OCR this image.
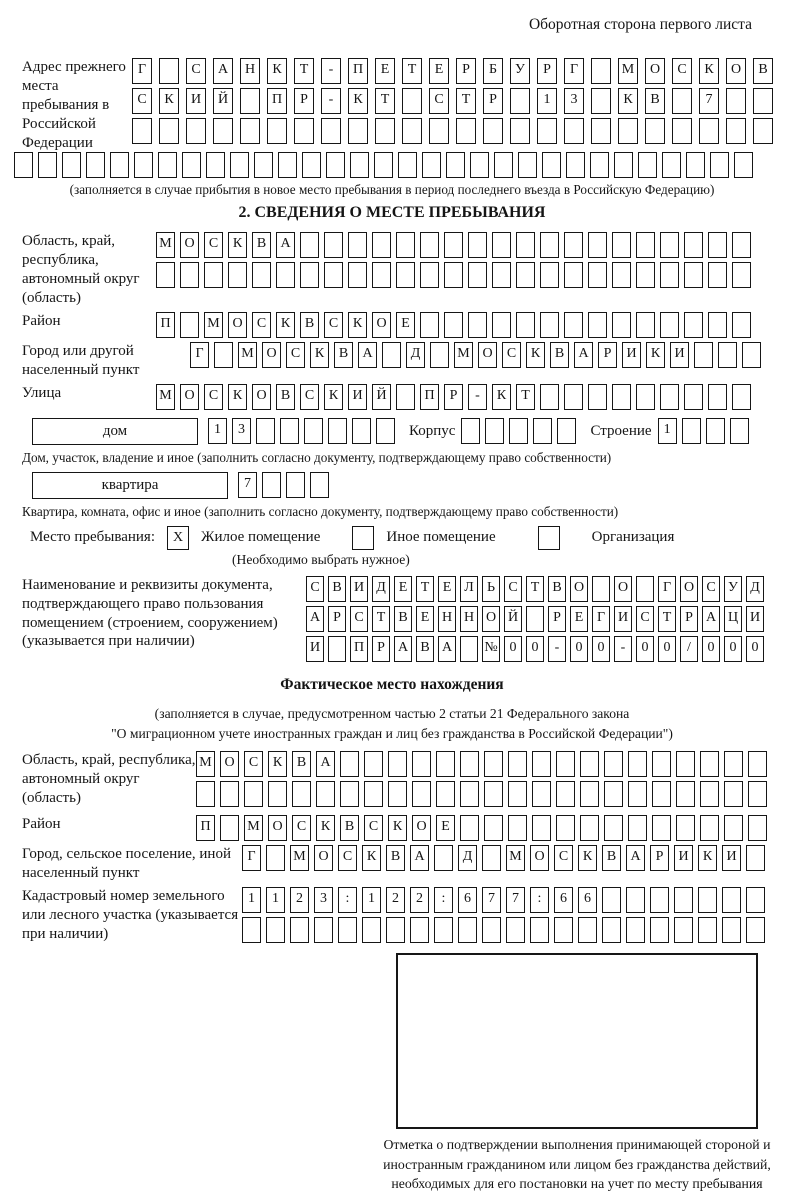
Оборотная сторона первого листа
Адрес прежнего места пребывания в Российской Федерации
Г	С	А	Н	К	Т	-	П	Е	Т	Е	Р	Б	У	Р	Г	М	О	С	К	О	В
С	К	И	Й	П	Р	-	К	Т	С	Т	Р	1	3	К	В	7
(заполняется в случае прибытия в новое место пребывания в период последнего въезда в Российскую Федерацию)
2. СВЕДЕНИЯ О МЕСТЕ ПРЕБЫВАНИЯ
Область, край, республика, автономный округ (область)
М О	С	К	В	А
Район	П	М О	С	К	В	С	К	О	Е
Город или другой населенный пункт
Г	М О	С	К	В	А	Д	М О	С	К	В	А	Р	И	К	И
Улица	М О	С	К	О	В	С	К	И Й	П	Р	-	К	Т
дом	1	3	Корпус	Строение 1
Дом, участок, владение и иное (заполнить согласно документу, подтверждающему право собственности)
квартира	7
Квартира, комната, офис и иное (заполнить согласно документу, подтверждающему право собственности)
Место пребывания:	X	Жилое помещение	Иное помещение	Организация
(Необходимо выбрать нужное)
Наименование и реквизиты документа, подтверждающего право пользования помещением (строением, сооружением) (указывается при наличии)
С В И Д Е Т Е Л Ь С Т В О О	Г О С У Д
А Р С Т В Е Н Н О Й	Р Е Г И С Т Р А Ц И
И П Р А В А № 0	0	-	0	0	-	0	0	/	0	0	0
Фактическое место нахождения
(заполняется в случае, предусмотренном частью 2 статьи 21 Федерального закона
"О миграционном учете иностранных граждан и лиц без гражданства в Российской Федерации")
Область, край, республика, автономный округ (область)
М О	С	К	В	А
Район	П	М О	С	К	В	С	К	О	Е
Город, сельское поселение, иной населенный пункт
Г	М О	С	К	В	А	Д	М О	С	К	В	А	Р	И	К	И
Кадастровый номер земельного или лесного участка (указывается при наличии)
1	1	2	3	:	1	2	2	:	6	7	7	:	6	6
Отметка о подтверждении выполнения принимающей стороной и иностранным гражданином или лицом без гражданства действий, необходимых для его постановки на учет по месту пребывания
